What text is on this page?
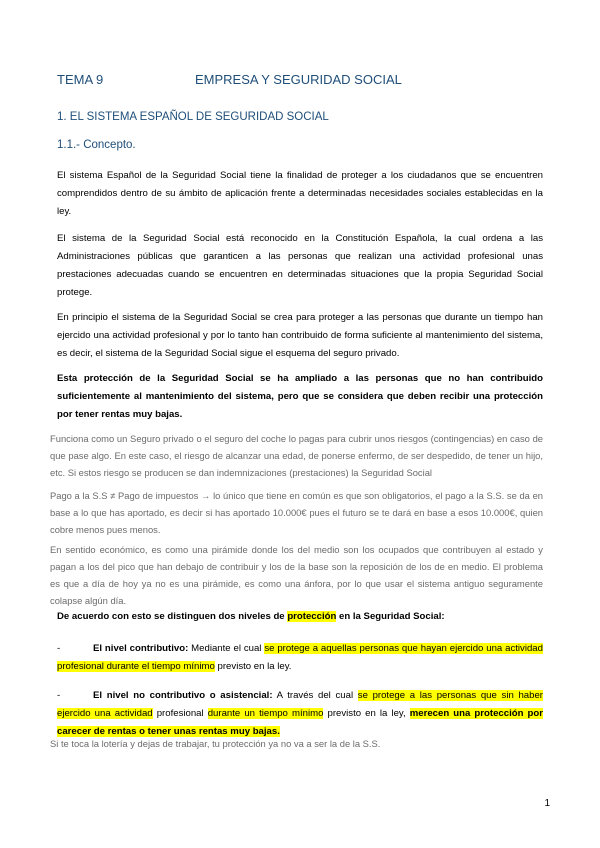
TEMA 9	EMPRESA Y SEGURIDAD SOCIAL
1. EL SISTEMA ESPAÑOL DE SEGURIDAD SOCIAL
1.1.- Concepto.
El sistema Español de la Seguridad Social tiene la finalidad de proteger a los ciudadanos que se encuentren comprendidos dentro de su ámbito de aplicación frente a determinadas necesidades sociales establecidas en la ley.
El sistema de la Seguridad Social está reconocido en la Constitución Española, la cual ordena a las Administraciones públicas que garanticen a las personas que realizan una actividad profesional unas prestaciones adecuadas cuando se encuentren en determinadas situaciones que la propia Seguridad Social protege.
En principio el sistema de la Seguridad Social se crea para proteger a las personas que durante un tiempo han ejercido una actividad profesional y por lo tanto han contribuido de forma suficiente al mantenimiento del sistema, es decir, el sistema de la Seguridad Social sigue el esquema del seguro privado.
Esta protección de la Seguridad Social se ha ampliado a las personas que no han contribuido suficientemente al mantenimiento del sistema, pero que se considera que deben recibir una protección por tener rentas muy bajas.
Funciona como un Seguro privado o el seguro del coche lo pagas para cubrir unos riesgos (contingencias) en caso de que pase algo. En este caso, el riesgo de alcanzar una edad, de ponerse enfermo, de ser despedido, de tener un hijo, etc. Si estos riesgo se producen se dan indemnizaciones (prestaciones) la Seguridad Social
Pago a la S.S ≠ Pago de impuestos → lo único que tiene en común es que son obligatorios, el pago a la S.S. se da en base a lo que has aportado, es decir si has aportado 10.000€ pues el futuro se te dará en base a esos 10.000€, quien cobre menos pues menos.
En sentido económico, es como una pirámide donde los del medio son los ocupados que contribuyen al estado y pagan a los del pico que han debajo de contribuir y los de la base son la reposición de los de en medio. El problema es que a día de hoy ya no es una pirámide, es como una ánfora, por lo que usar el sistema antiguo seguramente colapse algún día.
De acuerdo con esto se distinguen dos niveles de protección en la Seguridad Social:
-	El nivel contributivo: Mediante el cual se protege a aquellas personas que hayan ejercido una actividad profesional durante el tiempo mínimo previsto en la ley.
-	El nivel no contributivo o asistencial: A través del cual se protege a las personas que sin haber ejercido una actividad profesional durante un tiempo mínimo previsto en la ley, merecen una protección por carecer de rentas o tener unas rentas muy bajas.
Si te toca la lotería y dejas de trabajar, tu protección ya no va a ser la de la S.S.
1
